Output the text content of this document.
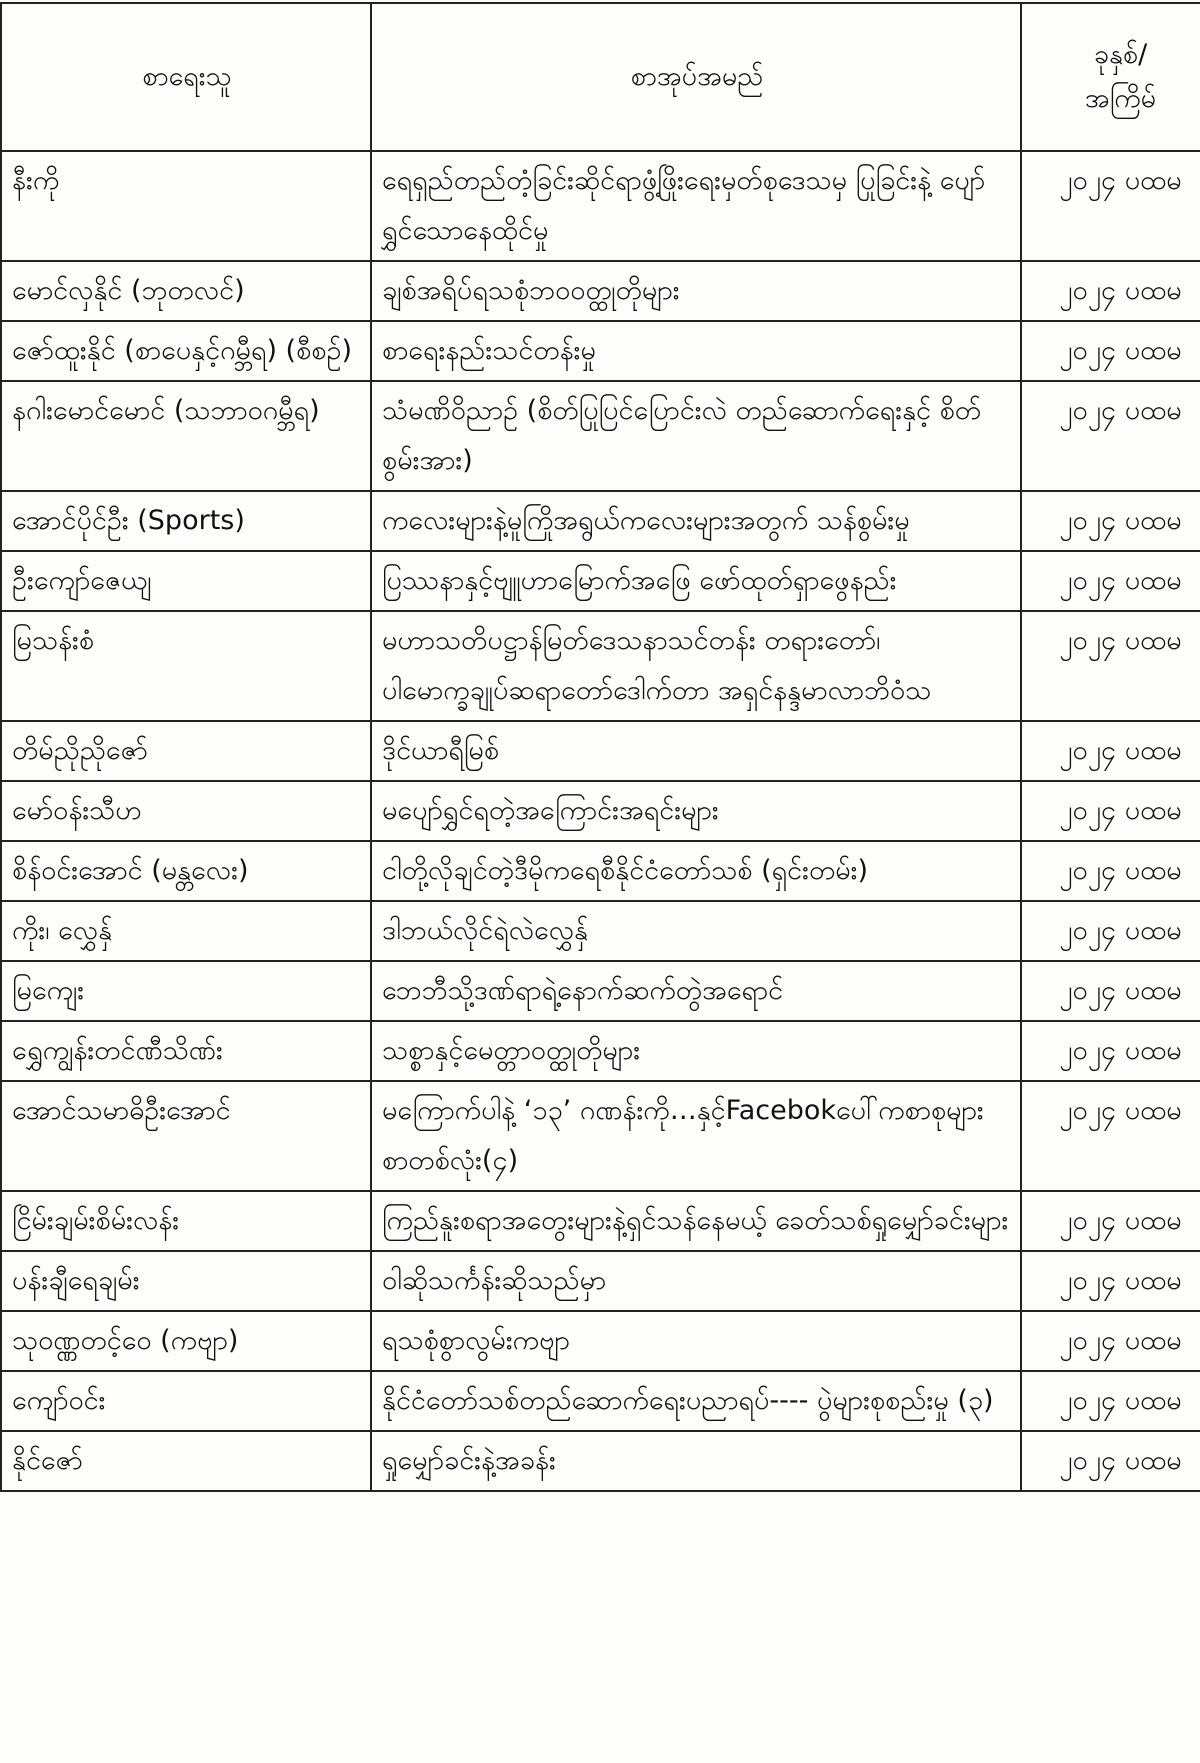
စာရေးသူ	စာအုပ်အမည်	ခုနှစ်/
အကြိမ်

နီးကို	ရေရှည်တည်တံ့ခြင်းဆိုင်ရာဖွံ့ဖြိုးရေးမှတ်စုဒေသမှ ပြုခြင်းနဲ့ ပျော်ရွှင်သောနေထိုင်မှု	၂၀၂၄ ပထမ
မောင်လှနိုင် (ဘုတလင်)	ချစ်အရိပ်ရသစုံဘဝဝတ္ထုတိုများ	၂၀၂၄ ပထမ
ဇော်ထူးနိုင် (စာပေနှင့်ဂမ္ဘီရ) (စီစဉ်)	စာရေးနည်းသင်တန်းမှု	၂၀၂၄ ပထမ
နဂါးမောင်မောင် (သဘာဝဂမ္ဘီရ)	သံမဏိဝိညာဉ် (စိတ်ပြုပြင်ပြောင်းလဲ တည်ဆောက်ရေးနှင့် စိတ်စွမ်းအား)	၂၀၂၄ ပထမ
အောင်ပိုင်ဦး (Sports)	ကလေးများနဲ့မူကြိုအရွယ်ကလေးများအတွက် သန်စွမ်းမှု	၂၀၂၄ ပထမ
ဦးကျော်ဇေယျ	ပြဿနာနှင့်ဗျူဟာမြောက်အဖြေ ဖော်ထုတ်ရှာဖွေနည်း	၂၀၂၄ ပထမ
မြသန်းစံ	မဟာသတိပဋ္ဌာန်မြတ်ဒေသနာသင်တန်း တရားတော်၊ ပါမောက္ခချုပ်ဆရာတော်ဒေါက်တာ အရှင်နန္ဒမာလာဘိဝံသ	၂၀၂၄ ပထမ
တိမ်ညိုညိုဇော်	ဒိုင်ယာရီမြစ်	၂၀၂၄ ပထမ
မော်ဝန်းသီဟ	မပျော်ရွှင်ရတဲ့အကြောင်းအရင်းများ	၂၀၂၄ ပထမ
စိန်ဝင်းအောင် (မန္တလေး)	ငါတို့လိုချင်တဲ့ဒီမိုကရေစီနိုင်ငံတော်သစ် (ရှင်းတမ်း)	၂၀၂၄ ပထမ
ကိုး၊ လွှေနှ်	ဒါဘယ်လိုင်ရဲလဲလွှေနှ်	၂၀၂၄ ပထမ
မြကျေး	ဘေဘီသို့ဒဏ်ရာရဲ့နောက်ဆက်တွဲအရောင်	၂၀၂၄ ပထမ
ရွှေကျွန်းတင်ဏီသိဏ်း	သစ္စာနှင့်မေတ္တာဝတ္ထုတိုများ	၂၀၂၄ ပထမ
အောင်သမာဓိဦးအောင်	မကြောက်ပါနဲ့ ‘၁၃’ ဂဏန်းကို…နှင့်Facebokပေါ်ကစာစုများ စာတစ်လုံး(၄)	၂၀၂၄ ပထမ
ငြိမ်းချမ်းစိမ်းလန်း	ကြည်နူးစရာအတွေးများနဲ့ရှင်သန်နေမယ့် ခေတ်သစ်ရှုမျှော်ခင်းများ	၂၀၂၄ ပထမ
ပန်းချီရေချမ်း	ဝါဆိုသင်္ကန်းဆိုသည်မှာ	၂၀၂၄ ပထမ
သုဝဏ္ဏတင့်ဝေ (ကဗျာ)	ရသစုံစွာလွမ်းကဗျာ	၂၀၂၄ ပထမ
ကျော်ဝင်း	နိုင်ငံတော်သစ်တည်ဆောက်ရေးပညာရပ်---- ပွဲများစုစည်းမှု (၃)	၂၀၂၄ ပထမ
နိုင်ဇော်	ရှုမျှော်ခင်းနဲ့အခန်း	၂၀၂၄ ပထမ
